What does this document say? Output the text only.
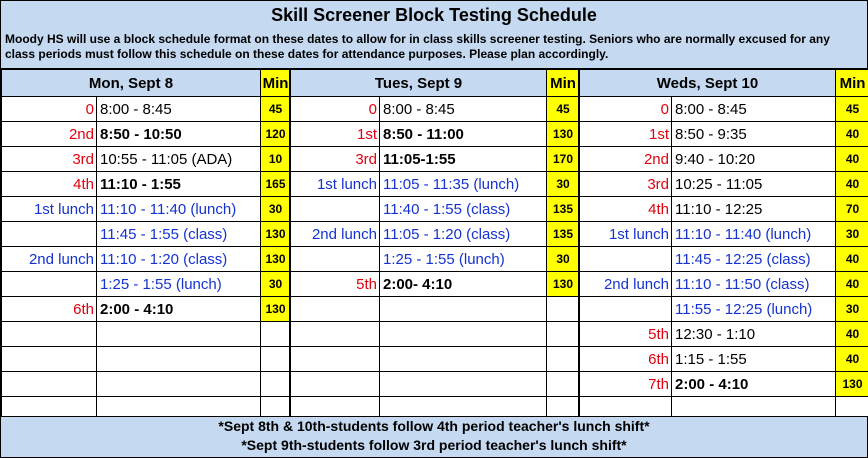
Skill Screener Block Testing Schedule
Moody HS will use a block schedule format on these dates to allow for in class skills screener testing. Seniors who are normally excused for any class periods must follow this schedule on these dates for attendance purposes. Please plan accordingly.
Mon, Sept 8		Min
0	8:00 - 8:45	45
2nd	8:50 - 10:50	120
3rd	10:55 - 11:05 (ADA)	10
4th	11:10 - 1:55	165
1st lunch	11:10 - 11:40 (lunch)	30
	11:45 - 1:55 (class)	130
2nd lunch	11:10 - 1:20 (class)	130
	1:25 - 1:55 (lunch)	30
6th	2:00 - 4:10	130

Tues, Sept 9		Min
0	8:00 - 8:45	45
1st	8:50 - 11:00	130
3rd	11:05-1:55	170
1st lunch	11:05 - 11:35 (lunch)	30
	11:40 - 1:55 (class)	135
2nd lunch	11:05 - 1:20 (class)	135
	1:25 - 1:55 (lunch)	30
5th	2:00- 4:10	130

Weds, Sept 10		Min
0	8:00 - 8:45	45
1st	8:50 - 9:35	40
2nd	9:40 - 10:20	40
3rd	10:25 - 11:05	40
4th	11:10 - 12:25	70
1st lunch	11:10 - 11:40 (lunch)	30
	11:45 - 12:25 (class)	40
2nd lunch	11:10 - 11:50 (class)	40
	11:55 - 12:25 (lunch)	30
5th	12:30 - 1:10	40
6th	1:15 - 1:55	40
7th	2:00 - 4:10	130

*Sept 8th & 10th-students follow 4th period teacher's lunch shift*
*Sept 9th-students follow 3rd period teacher's lunch shift*
